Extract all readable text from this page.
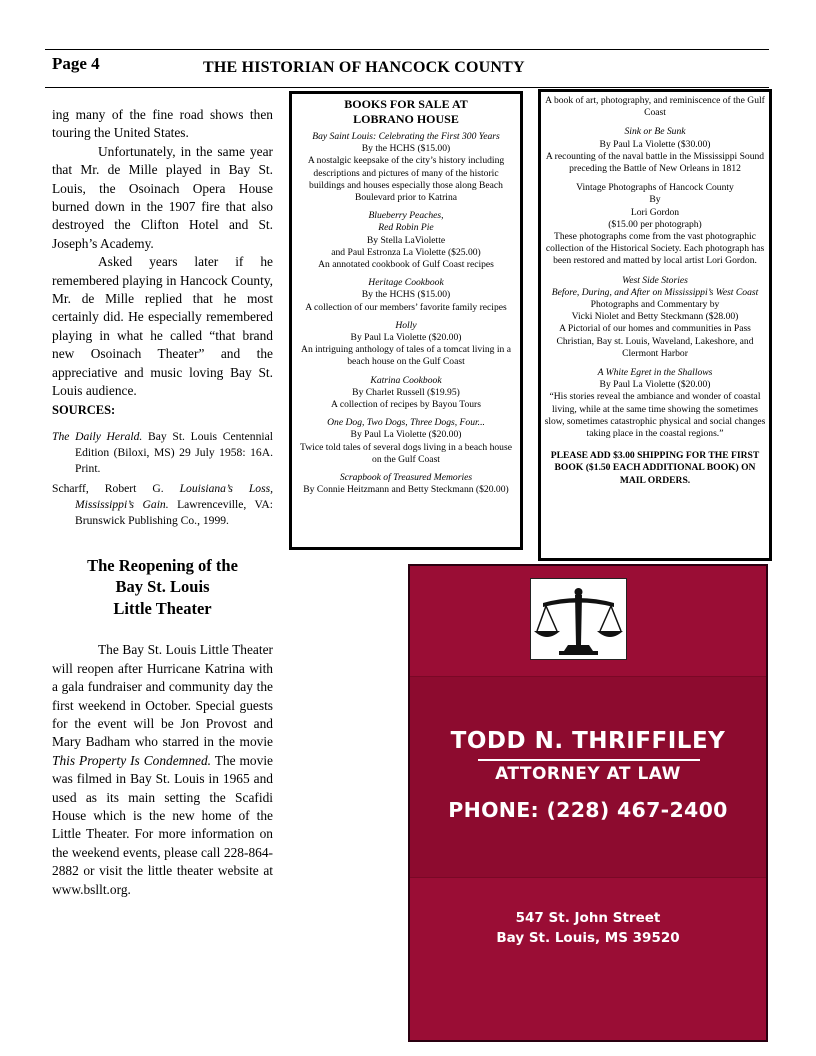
Page 4	THE HISTORIAN OF HANCOCK COUNTY

ing many of the fine road shows then touring the United States.

Unfortunately, in the same year that Mr. de Mille played in Bay St. Louis, the Osoinach Opera House burned down in the 1907 fire that also destroyed the Clifton Hotel and St. Joseph’s Academy.

Asked years later if he remembered playing in Hancock County, Mr. de Mille replied that he most certainly did. He especially remembered playing in what he called “that brand new Osoinach Theater” and the appreciative and music loving Bay St. Louis audience.

SOURCES:
The Daily Herald. Bay St. Louis Centennial Edition (Biloxi, MS) 29 July 1958: 16A. Print.
Scharff, Robert G. Louisiana’s Loss, Mississippi’s Gain. Lawrenceville, VA: Brunswick Publishing Co., 1999.
The Reopening of the
Bay St. Louis
Little Theater

The Bay St. Louis Little Theater will reopen after Hurricane Katrina with a gala fundraiser and community day the first weekend in October. Special guests for the event will be Jon Provost and Mary Badham who starred in the movie This Property Is Condemned. The movie was filmed in Bay St. Louis in 1965 and used as its main setting the Scafidi House which is the new home of the Little Theater. For more information on the weekend events, please call 228-864-2882 or visit the little theater website at www.bsllt.org.

BOOKS FOR SALE AT
LOBRANO HOUSE
Bay Saint Louis: Celebrating the First 300 Years
By the HCHS ($15.00)
A nostalgic keepsake of the city’s history including descriptions and pictures of many of the historic buildings and houses especially those along Beach Boulevard prior to Katrina
Blueberry Peaches,
Red Robin Pie
By Stella LaViolette
and Paul Estronza La Violette ($25.00)
An annotated cookbook of Gulf Coast recipes
Heritage Cookbook
By the HCHS ($15.00)
A collection of our members’ favorite family recipes
Holly
By Paul La Violette ($20.00)
An intriguing anthology of tales of a tomcat living in a beach house on the Gulf Coast
Katrina Cookbook
By Charlet Russell ($19.95)
A collection of recipes by Bayou Tours
One Dog, Two Dogs, Three Dogs, Four...
By Paul La Violette ($20.00)
Twice told tales of several dogs living in a beach house on the Gulf Coast
Scrapbook of Treasured Memories
By Connie Heitzmann and Betty Steckmann ($20.00)
A book of art, photography, and reminiscence of the Gulf Coast
Sink or Be Sunk
By Paul La Violette ($30.00)
A recounting of the naval battle in the Mississippi Sound preceding the Battle of New Orleans in 1812
Vintage Photographs of Hancock County
By
Lori Gordon
($15.00 per photograph)
These photographs come from the vast photographic collection of the Historical Society. Each photograph has been restored and matted by local artist Lori Gordon.
West Side Stories
Before, During, and After on Mississippi’s West Coast
Photographs and Commentary by
Vicki Niolet and Betty Steckmann ($28.00)
A Pictorial of our homes and communities in Pass Christian, Bay st. Louis, Waveland, Lakeshore, and Clermont Harbor
A White Egret in the Shallows
By Paul La Violette ($20.00)
“His stories reveal the ambiance and wonder of coastal living, while at the same time showing the sometimes slow, sometimes catastrophic physical and social changes taking place in the coastal regions.”
PLEASE ADD $3.00 SHIPPING FOR THE FIRST BOOK ($1.50 EACH ADDITIONAL BOOK) ON MAIL ORDERS.
TODD N. THRIFFILEY
ATTORNEY AT LAW
PHONE: (228) 467-2400
547 St. John Street
Bay St. Louis, MS 39520
